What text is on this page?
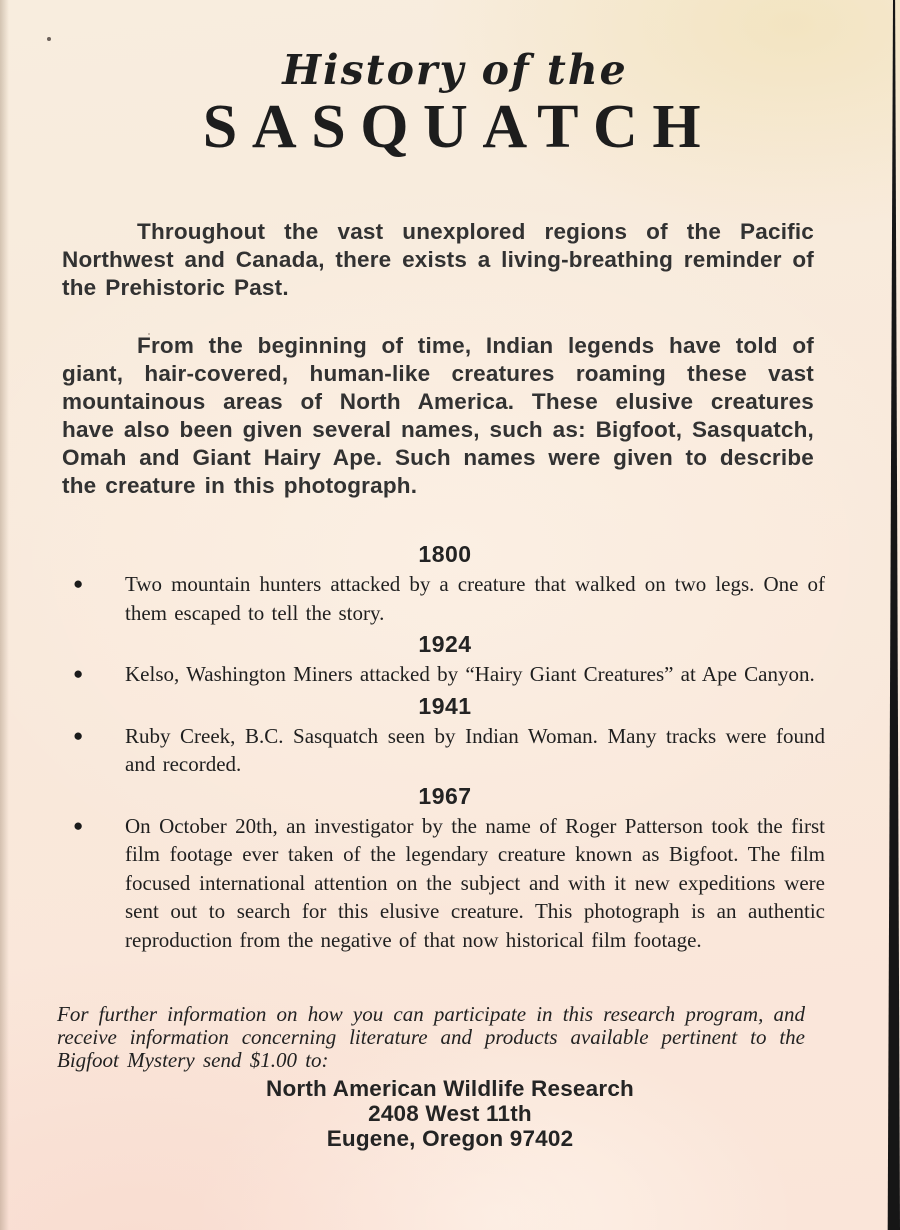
History of the
SASQUATCH

Throughout the vast unexplored regions of the Pacific Northwest and Canada, there exists a living-breathing reminder of the Prehistoric Past.

From the beginning of time, Indian legends have told of giant, hair-covered, human-like creatures roaming these vast mountainous areas of North America. These elusive creatures have also been given several names, such as: Bigfoot, Sasquatch, Omah and Giant Hairy Ape. Such names were given to describe the creature in this photograph.

1800
●	Two mountain hunters attacked by a creature that walked on two legs. One of them escaped to tell the story.

1924
●	Kelso, Washington Miners attacked by “Hairy Giant Creatures” at Ape Canyon.

1941
●	Ruby Creek, B.C. Sasquatch seen by Indian Woman. Many tracks were found and recorded.

1967
●	On October 20th, an investigator by the name of Roger Patterson took the first film footage ever taken of the legendary creature known as Bigfoot. The film focused international attention on the subject and with it new expeditions were sent out to search for this elusive creature. This photograph is an authentic reproduction from the negative of that now historical film footage.

For further information on how you can participate in this research program, and receive information concerning literature and products available pertinent to the Bigfoot Mystery send $1.00 to:

North American Wildlife Research
2408 West 11th
Eugene, Oregon 97402
